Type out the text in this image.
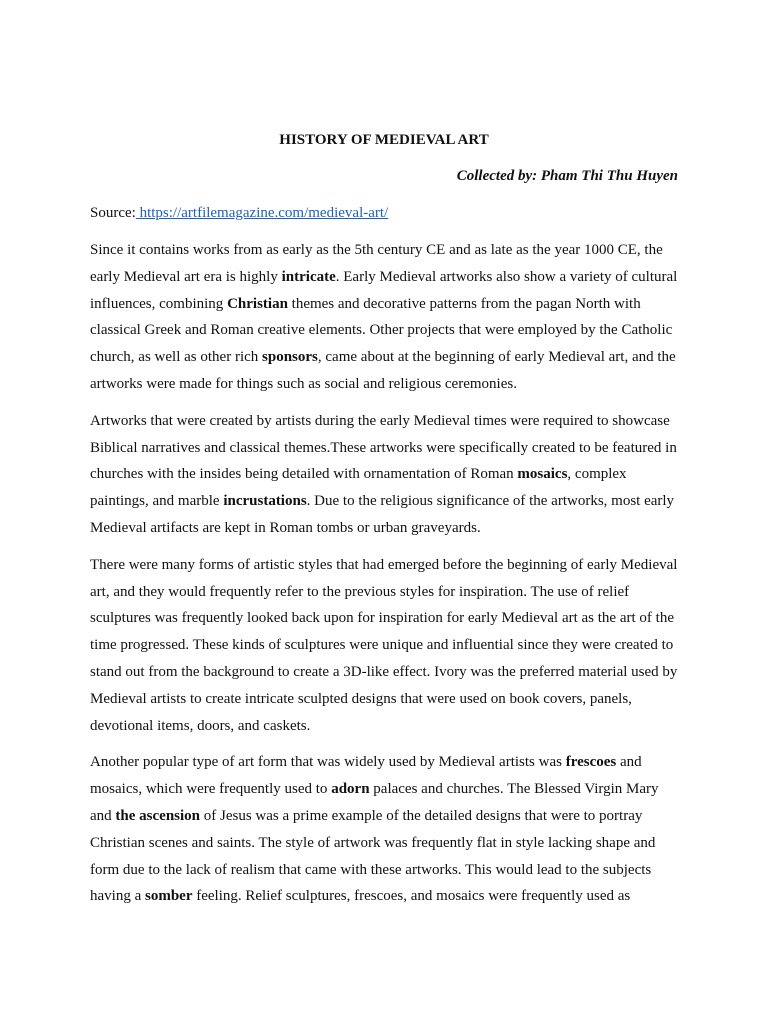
HISTORY OF MEDIEVAL ART

Collected by: Pham Thi Thu Huyen

Source: https://artfilemagazine.com/medieval-art/

Since it contains works from as early as the 5th century CE and as late as the year 1000 CE, the early Medieval art era is highly intricate. Early Medieval artworks also show a variety of cultural influences, combining Christian themes and decorative patterns from the pagan North with classical Greek and Roman creative elements. Other projects that were employed by the Catholic church, as well as other rich sponsors, came about at the beginning of early Medieval art, and the artworks were made for things such as social and religious ceremonies.

Artworks that were created by artists during the early Medieval times were required to showcase Biblical narratives and classical themes.These artworks were specifically created to be featured in churches with the insides being detailed with ornamentation of Roman mosaics, complex paintings, and marble incrustations. Due to the religious significance of the artworks, most early Medieval artifacts are kept in Roman tombs or urban graveyards.

There were many forms of artistic styles that had emerged before the beginning of early Medieval art, and they would frequently refer to the previous styles for inspiration. The use of relief sculptures was frequently looked back upon for inspiration for early Medieval art as the art of the time progressed. These kinds of sculptures were unique and influential since they were created to stand out from the background to create a 3D-like effect. Ivory was the preferred material used by Medieval artists to create intricate sculpted designs that were used on book covers, panels, devotional items, doors, and caskets.

Another popular type of art form that was widely used by Medieval artists was frescoes and mosaics, which were frequently used to adorn palaces and churches. The Blessed Virgin Mary and the ascension of Jesus was a prime example of the detailed designs that were to portray Christian scenes and saints. The style of artwork was frequently flat in style lacking shape and form due to the lack of realism that came with these artworks. This would lead to the subjects having a somber feeling. Relief sculptures, frescoes, and mosaics were frequently used as
